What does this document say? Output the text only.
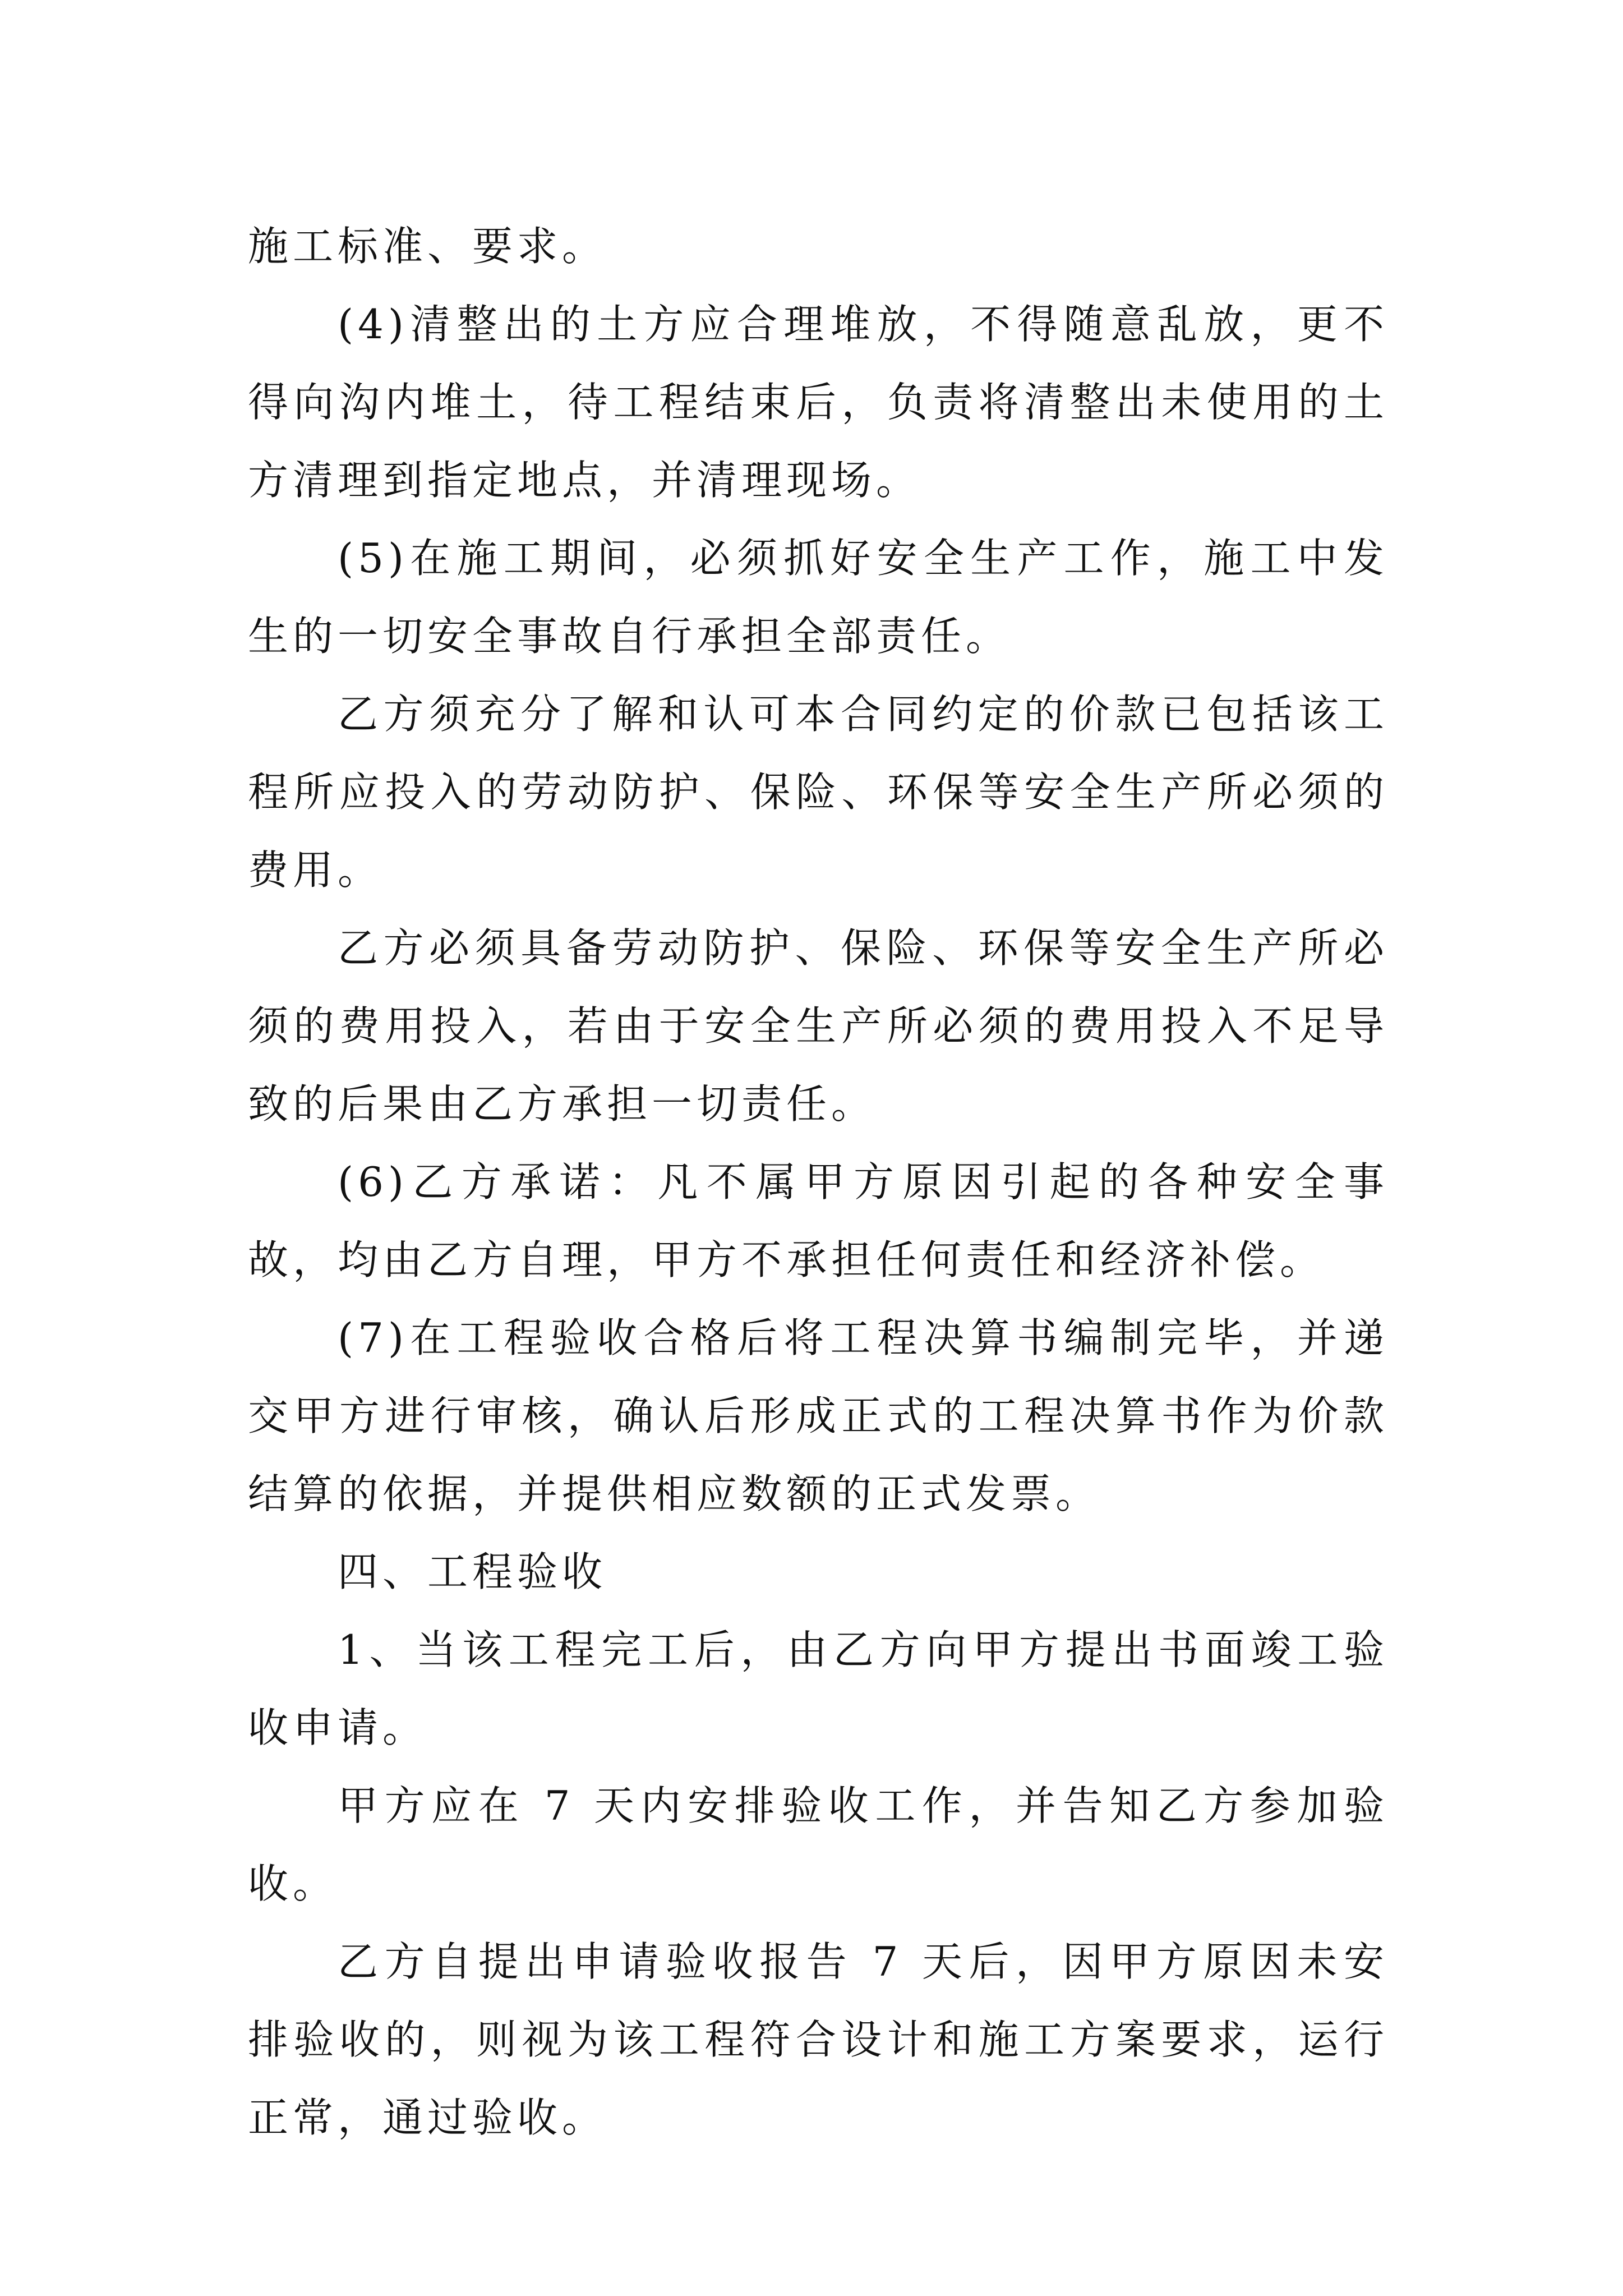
施工标准、要求。

(4)清整出的土方应合理堆放，不得随意乱放，更不得向沟内堆土，待工程结束后，负责将清整出未使用的土方清理到指定地点，并清理现场。

(5)在施工期间，必须抓好安全生产工作，施工中发生的一切安全事故自行承担全部责任。

乙方须充分了解和认可本合同约定的价款已包括该工程所应投入的劳动防护、保险、环保等安全生产所必须的费用。

乙方必须具备劳动防护、保险、环保等安全生产所必须的费用投入，若由于安全生产所必须的费用投入不足导致的后果由乙方承担一切责任。

(6)乙方承诺：凡不属甲方原因引起的各种安全事故，均由乙方自理，甲方不承担任何责任和经济补偿。

(7)在工程验收合格后将工程决算书编制完毕，并递交甲方进行审核，确认后形成正式的工程决算书作为价款结算的依据，并提供相应数额的正式发票。

四、工程验收

1、当该工程完工后，由乙方向甲方提出书面竣工验收申请。

甲方应在 7 天内安排验收工作，并告知乙方参加验收。

乙方自提出申请验收报告 7 天后，因甲方原因未安排验收的，则视为该工程符合设计和施工方案要求，运行正常，通过验收。
